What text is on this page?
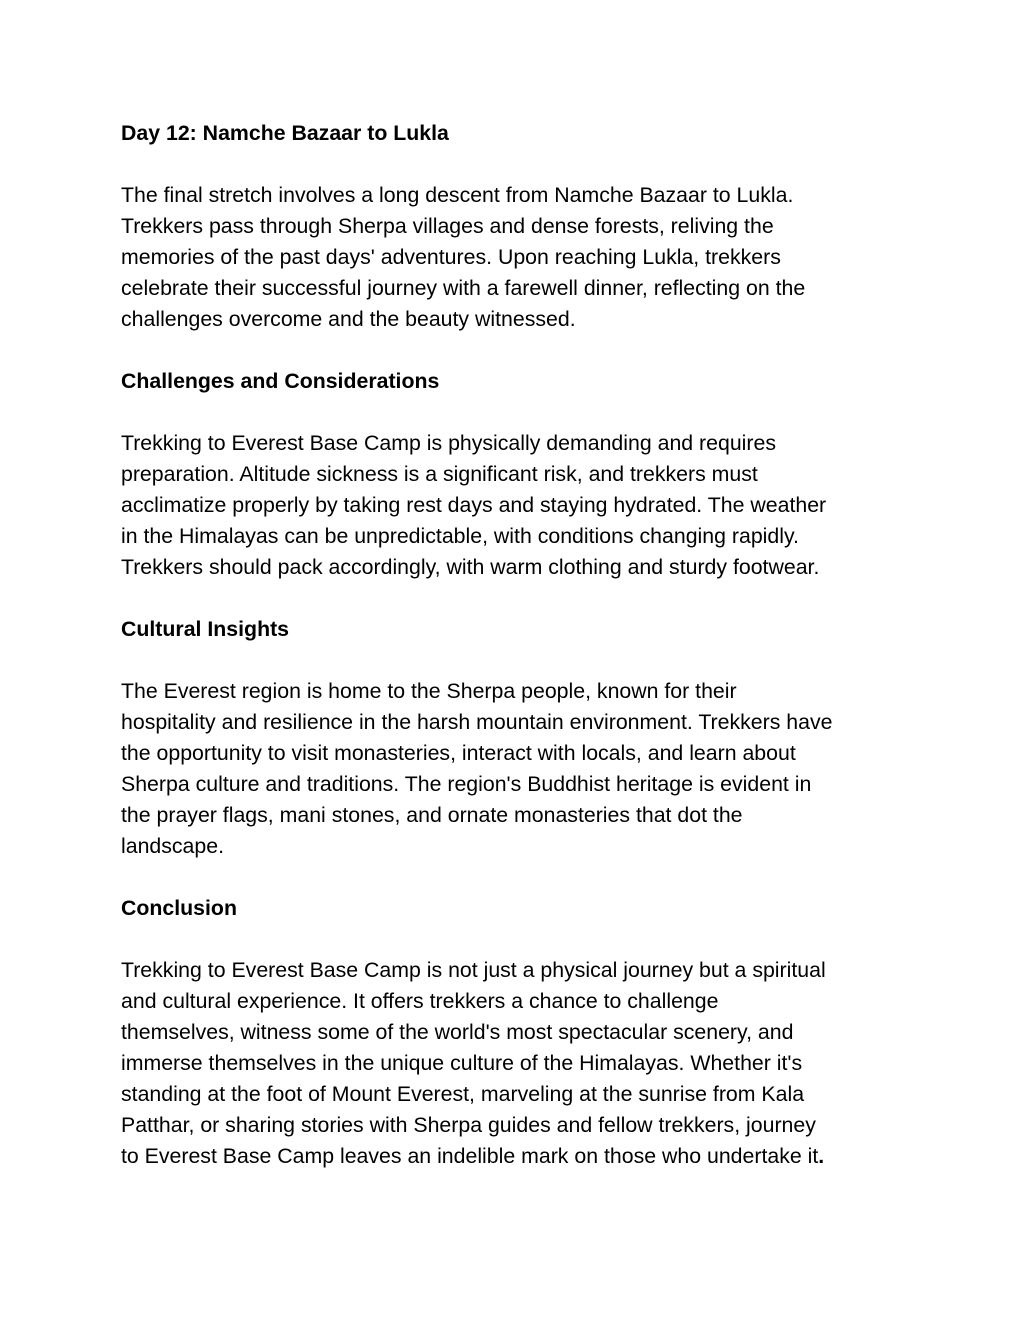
Day 12: Namche Bazaar to Lukla

The final stretch involves a long descent from Namche Bazaar to Lukla.
Trekkers pass through Sherpa villages and dense forests, reliving the
memories of the past days' adventures. Upon reaching Lukla, trekkers
celebrate their successful journey with a farewell dinner, reflecting on the
challenges overcome and the beauty witnessed.

Challenges and Considerations

Trekking to Everest Base Camp is physically demanding and requires
preparation. Altitude sickness is a significant risk, and trekkers must
acclimatize properly by taking rest days and staying hydrated. The weather
in the Himalayas can be unpredictable, with conditions changing rapidly.
Trekkers should pack accordingly, with warm clothing and sturdy footwear.

Cultural Insights

The Everest region is home to the Sherpa people, known for their
hospitality and resilience in the harsh mountain environment. Trekkers have
the opportunity to visit monasteries, interact with locals, and learn about
Sherpa culture and traditions. The region's Buddhist heritage is evident in
the prayer flags, mani stones, and ornate monasteries that dot the
landscape.

Conclusion

Trekking to Everest Base Camp is not just a physical journey but a spiritual
and cultural experience. It offers trekkers a chance to challenge
themselves, witness some of the world's most spectacular scenery, and
immerse themselves in the unique culture of the Himalayas. Whether it's
standing at the foot of Mount Everest, marveling at the sunrise from Kala
Patthar, or sharing stories with Sherpa guides and fellow trekkers, journey
to Everest Base Camp leaves an indelible mark on those who undertake it.
